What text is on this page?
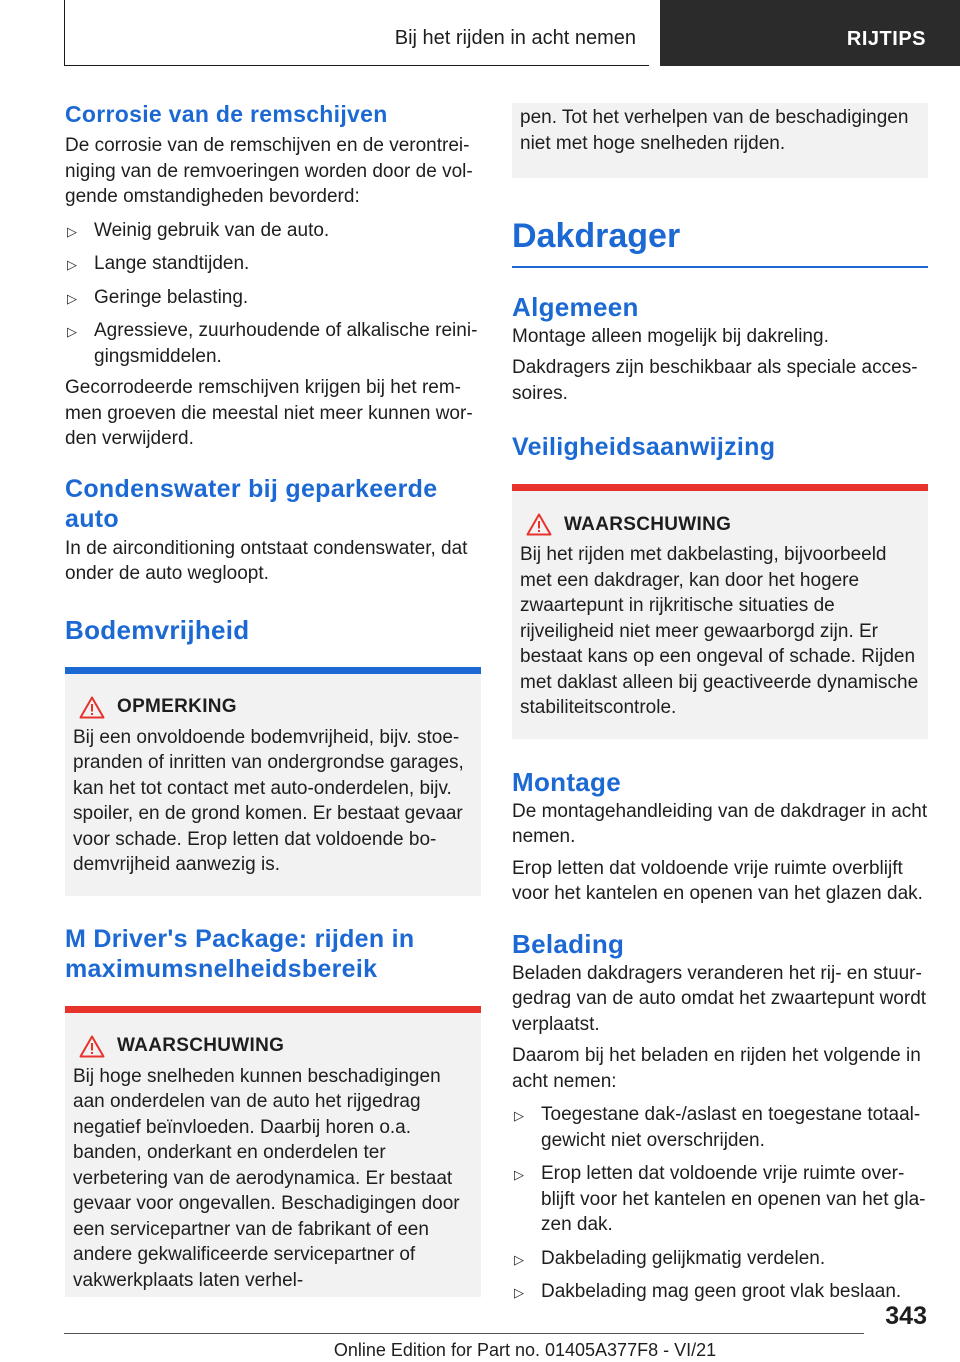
Bij het rijden in acht nemen	RIJTIPS
Corrosie van de remschijven

De corrosie van de remschijven en de verontreiniging van de remvoeringen worden door de volgende omstandigheden bevorderd:

▷ Weinig gebruik van de auto.
▷ Lange standtijden.
▷ Geringe belasting.
▷ Agressieve, zuurhoudende of alkalische reinigingsmiddelen.

Gecorrodeerde remschijven krijgen bij het remmen groeven die meestal niet meer kunnen worden verwijderd.

Condenswater bij geparkeerde auto

In de airconditioning ontstaat condenswater, dat onder de auto wegloopt.

Bodemvrijheid
OPMERKING

Bij een onvoldoende bodemvrijheid, bijv. stoepranden of inritten van ondergrondse garages, kan het tot contact met auto-onderdelen, bijv. spoiler, en de grond komen. Er bestaat gevaar voor schade. Erop letten dat voldoende bodemvrijheid aanwezig is.

M Driver's Package: rijden in maximumsnelheidsbereik
WAARSCHUWING

Bij hoge snelheden kunnen beschadigingen aan onderdelen van de auto het rijgedrag negatief beïnvloeden. Daarbij horen o.a. banden, onderkant en onderdelen ter verbetering van de aerodynamica. Er bestaat gevaar voor ongevallen. Beschadigingen door een servicepartner van de fabrikant of een andere gekwalificeerde servicepartner of vakwerkplaats laten verhel-

pen. Tot het verhelpen van de beschadigingen niet met hoge snelheden rijden.

Dakdrager
Algemeen

Montage alleen mogelijk bij dakreling.

Dakdragers zijn beschikbaar als speciale accessoires.

Veiligheidsaanwijzing
WAARSCHUWING

Bij het rijden met dakbelasting, bijvoorbeeld met een dakdrager, kan door het hogere zwaartepunt in rijkritische situaties de rijveiligheid niet meer gewaarborgd zijn. Er bestaat kans op een ongeval of schade. Rijden met daklast alleen bij geactiveerde dynamische stabiliteitscontrole.

Montage

De montagehandleiding van de dakdrager in acht nemen.

Erop letten dat voldoende vrije ruimte overblijft voor het kantelen en openen van het glazen dak.

Belading

Beladen dakdragers veranderen het rij- en stuurgedrag van de auto omdat het zwaartepunt wordt verplaatst.

Daarom bij het beladen en rijden het volgende in acht nemen:

▷ Toegestane dak-/aslast en toegestane totaalgewicht niet overschrijden.
▷ Erop letten dat voldoende vrije ruimte overblijft voor het kantelen en openen van het glazen dak.
▷ Dakbelading gelijkmatig verdelen.
▷ Dakbelading mag geen groot vlak beslaan.
343
Online Edition for Part no. 01405A377F8 - VI/21
